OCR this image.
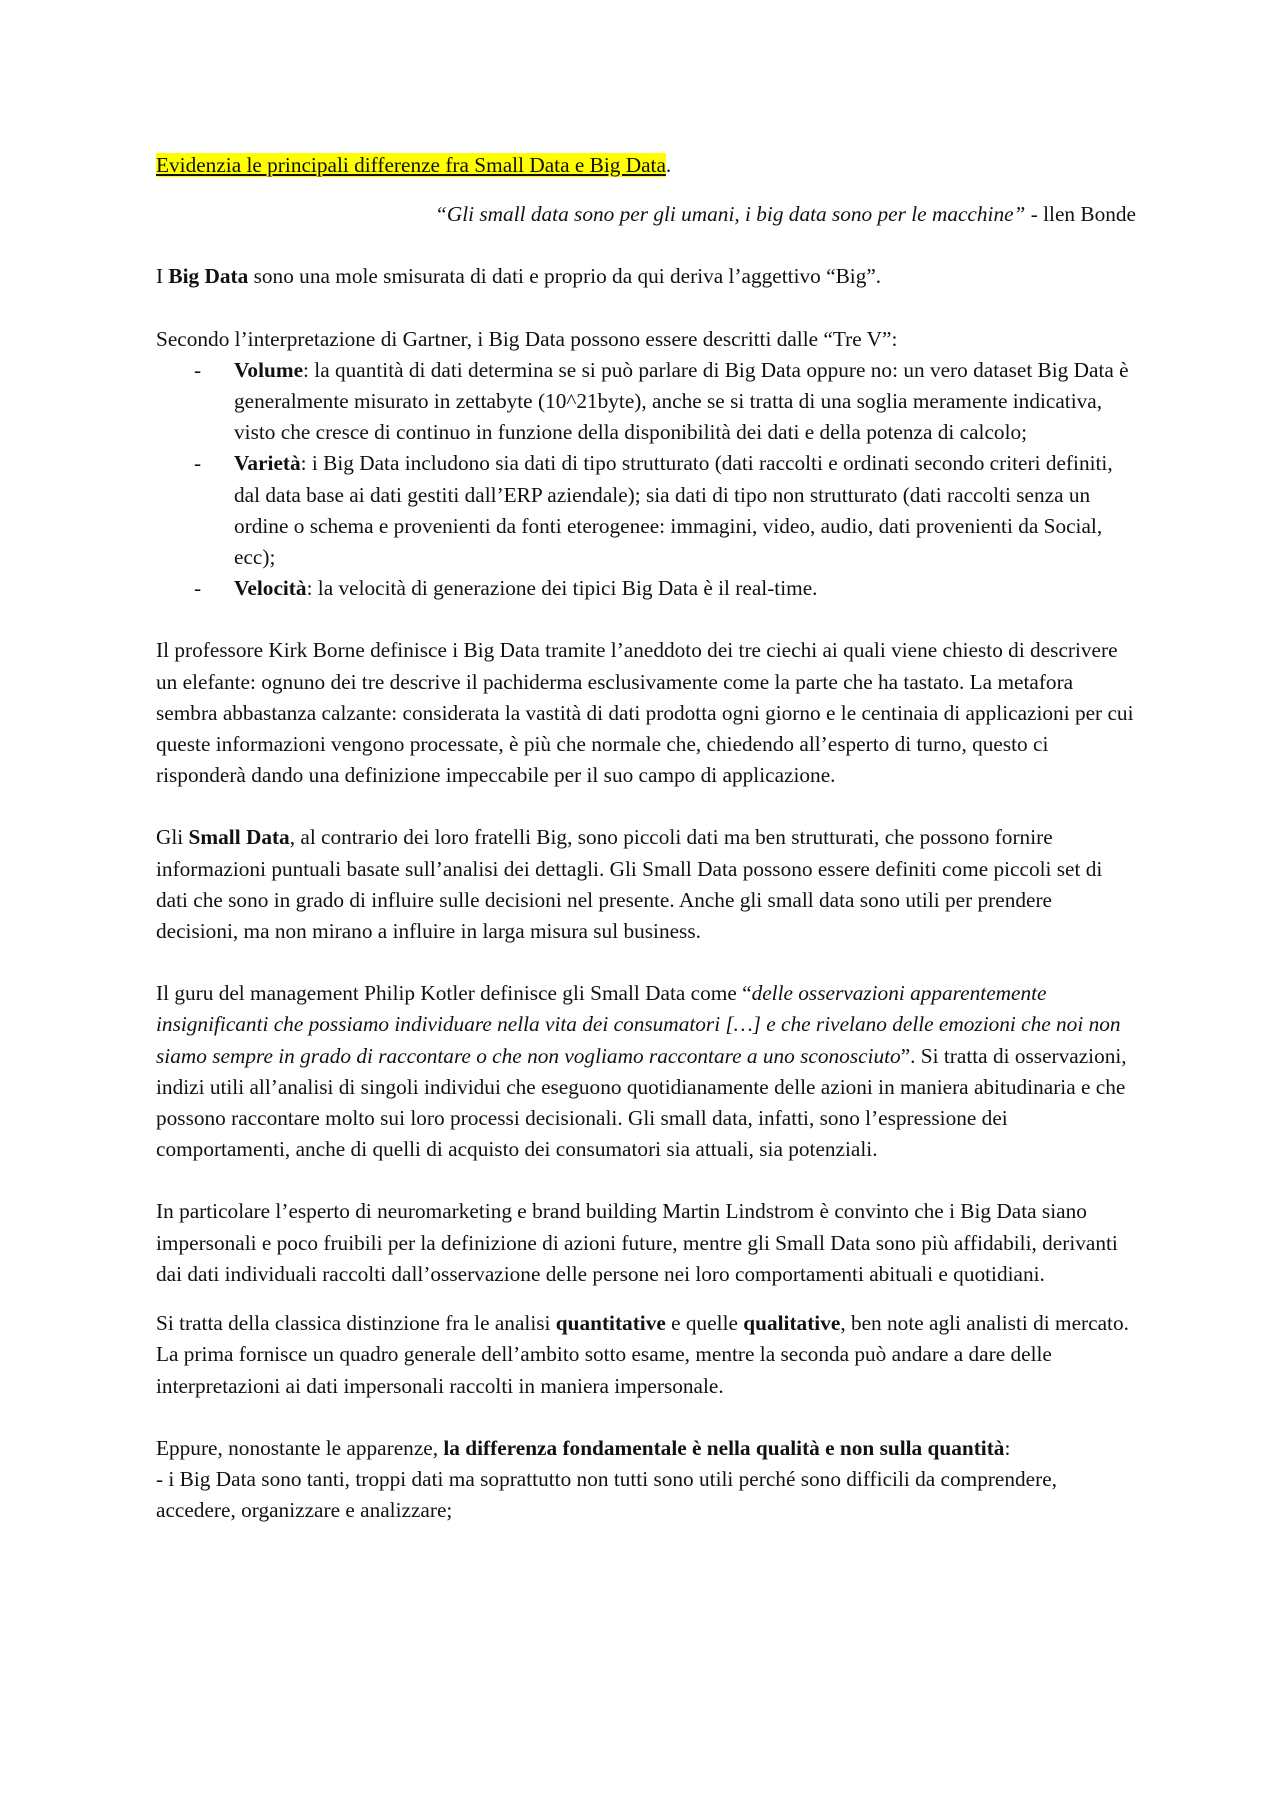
Evidenzia le principali differenze fra Small Data e Big Data.

“Gli small data sono per gli umani, i big data sono per le macchine” - llen Bonde

I Big Data sono una mole smisurata di dati e proprio da qui deriva l’aggettivo “Big”.

Secondo l’interpretazione di Gartner, i Big Data possono essere descritti dalle “Tre V”:

- Volume: la quantità di dati determina se si può parlare di Big Data oppure no: un vero dataset Big Data è generalmente misurato in zettabyte (10^21byte), anche se si tratta di una soglia meramente indicativa, visto che cresce di continuo in funzione della disponibilità dei dati e della potenza di calcolo;
- Varietà: i Big Data includono sia dati di tipo strutturato (dati raccolti e ordinati secondo criteri definiti, dal data base ai dati gestiti dall’ERP aziendale); sia dati di tipo non strutturato (dati raccolti senza un ordine o schema e provenienti da fonti eterogenee: immagini, video, audio, dati provenienti da Social, ecc);
- Velocità: la velocità di generazione dei tipici Big Data è il real-time.

Il professore Kirk Borne definisce i Big Data tramite l’aneddoto dei tre ciechi ai quali viene chiesto di descrivere un elefante: ognuno dei tre descrive il pachiderma esclusivamente come la parte che ha tastato. La metafora sembra abbastanza calzante: considerata la vastità di dati prodotta ogni giorno e le centinaia di applicazioni per cui queste informazioni vengono processate, è più che normale che, chiedendo all’esperto di turno, questo ci risponderà dando una definizione impeccabile per il suo campo di applicazione.

Gli Small Data, al contrario dei loro fratelli Big, sono piccoli dati ma ben strutturati, che possono fornire informazioni puntuali basate sull’analisi dei dettagli. Gli Small Data possono essere definiti come piccoli set di dati che sono in grado di influire sulle decisioni nel presente. Anche gli small data sono utili per prendere decisioni, ma non mirano a influire in larga misura sul business.

Il guru del management Philip Kotler definisce gli Small Data come “delle osservazioni apparentemente insignificanti che possiamo individuare nella vita dei consumatori […] e che rivelano delle emozioni che noi non siamo sempre in grado di raccontare o che non vogliamo raccontare a uno sconosciuto”. Si tratta di osservazioni, indizi utili all’analisi di singoli individui che eseguono quotidianamente delle azioni in maniera abitudinaria e che possono raccontare molto sui loro processi decisionali. Gli small data, infatti, sono l’espressione dei comportamenti, anche di quelli di acquisto dei consumatori sia attuali, sia potenziali.

In particolare l’esperto di neuromarketing e brand building Martin Lindstrom è convinto che i Big Data siano impersonali e poco fruibili per la definizione di azioni future, mentre gli Small Data sono più affidabili, derivanti dai dati individuali raccolti dall’osservazione delle persone nei loro comportamenti abituali e quotidiani.

Si tratta della classica distinzione fra le analisi quantitative e quelle qualitative, ben note agli analisti di mercato. La prima fornisce un quadro generale dell’ambito sotto esame, mentre la seconda può andare a dare delle interpretazioni ai dati impersonali raccolti in maniera impersonale.

Eppure, nonostante le apparenze, la differenza fondamentale è nella qualità e non sulla quantità:

- i Big Data sono tanti, troppi dati ma soprattutto non tutti sono utili perché sono difficili da comprendere, accedere, organizzare e analizzare;
